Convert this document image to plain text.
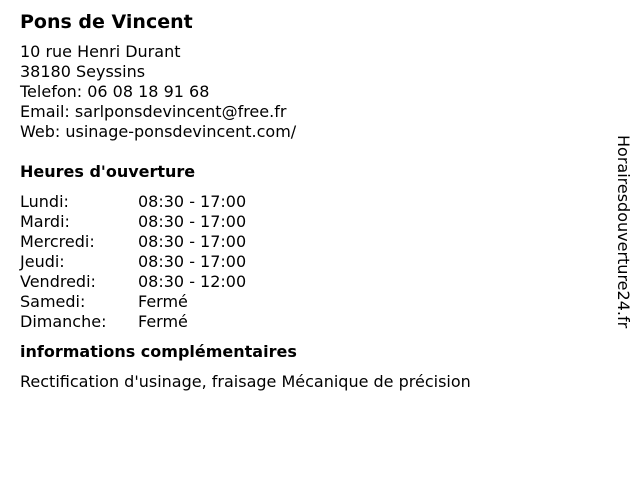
Pons de Vincent
10 rue Henri Durant
38180 Seyssins
Telefon: 06 08 18 91 68
Email: sarlponsdevincent@free.fr
Web: usinage-ponsdevincent.com/
Heures d'ouverture
Lundi:	08:30 - 17:00
Mardi:	08:30 - 17:00
Mercredi:	08:30 - 17:00
Jeudi:	08:30 - 17:00
Vendredi:	08:30 - 12:00
Samedi:	Fermé
Dimanche:	Fermé
informations complémentaires
Rectification d'usinage, fraisage Mécanique de précision
Horairesdouverture24.fr
